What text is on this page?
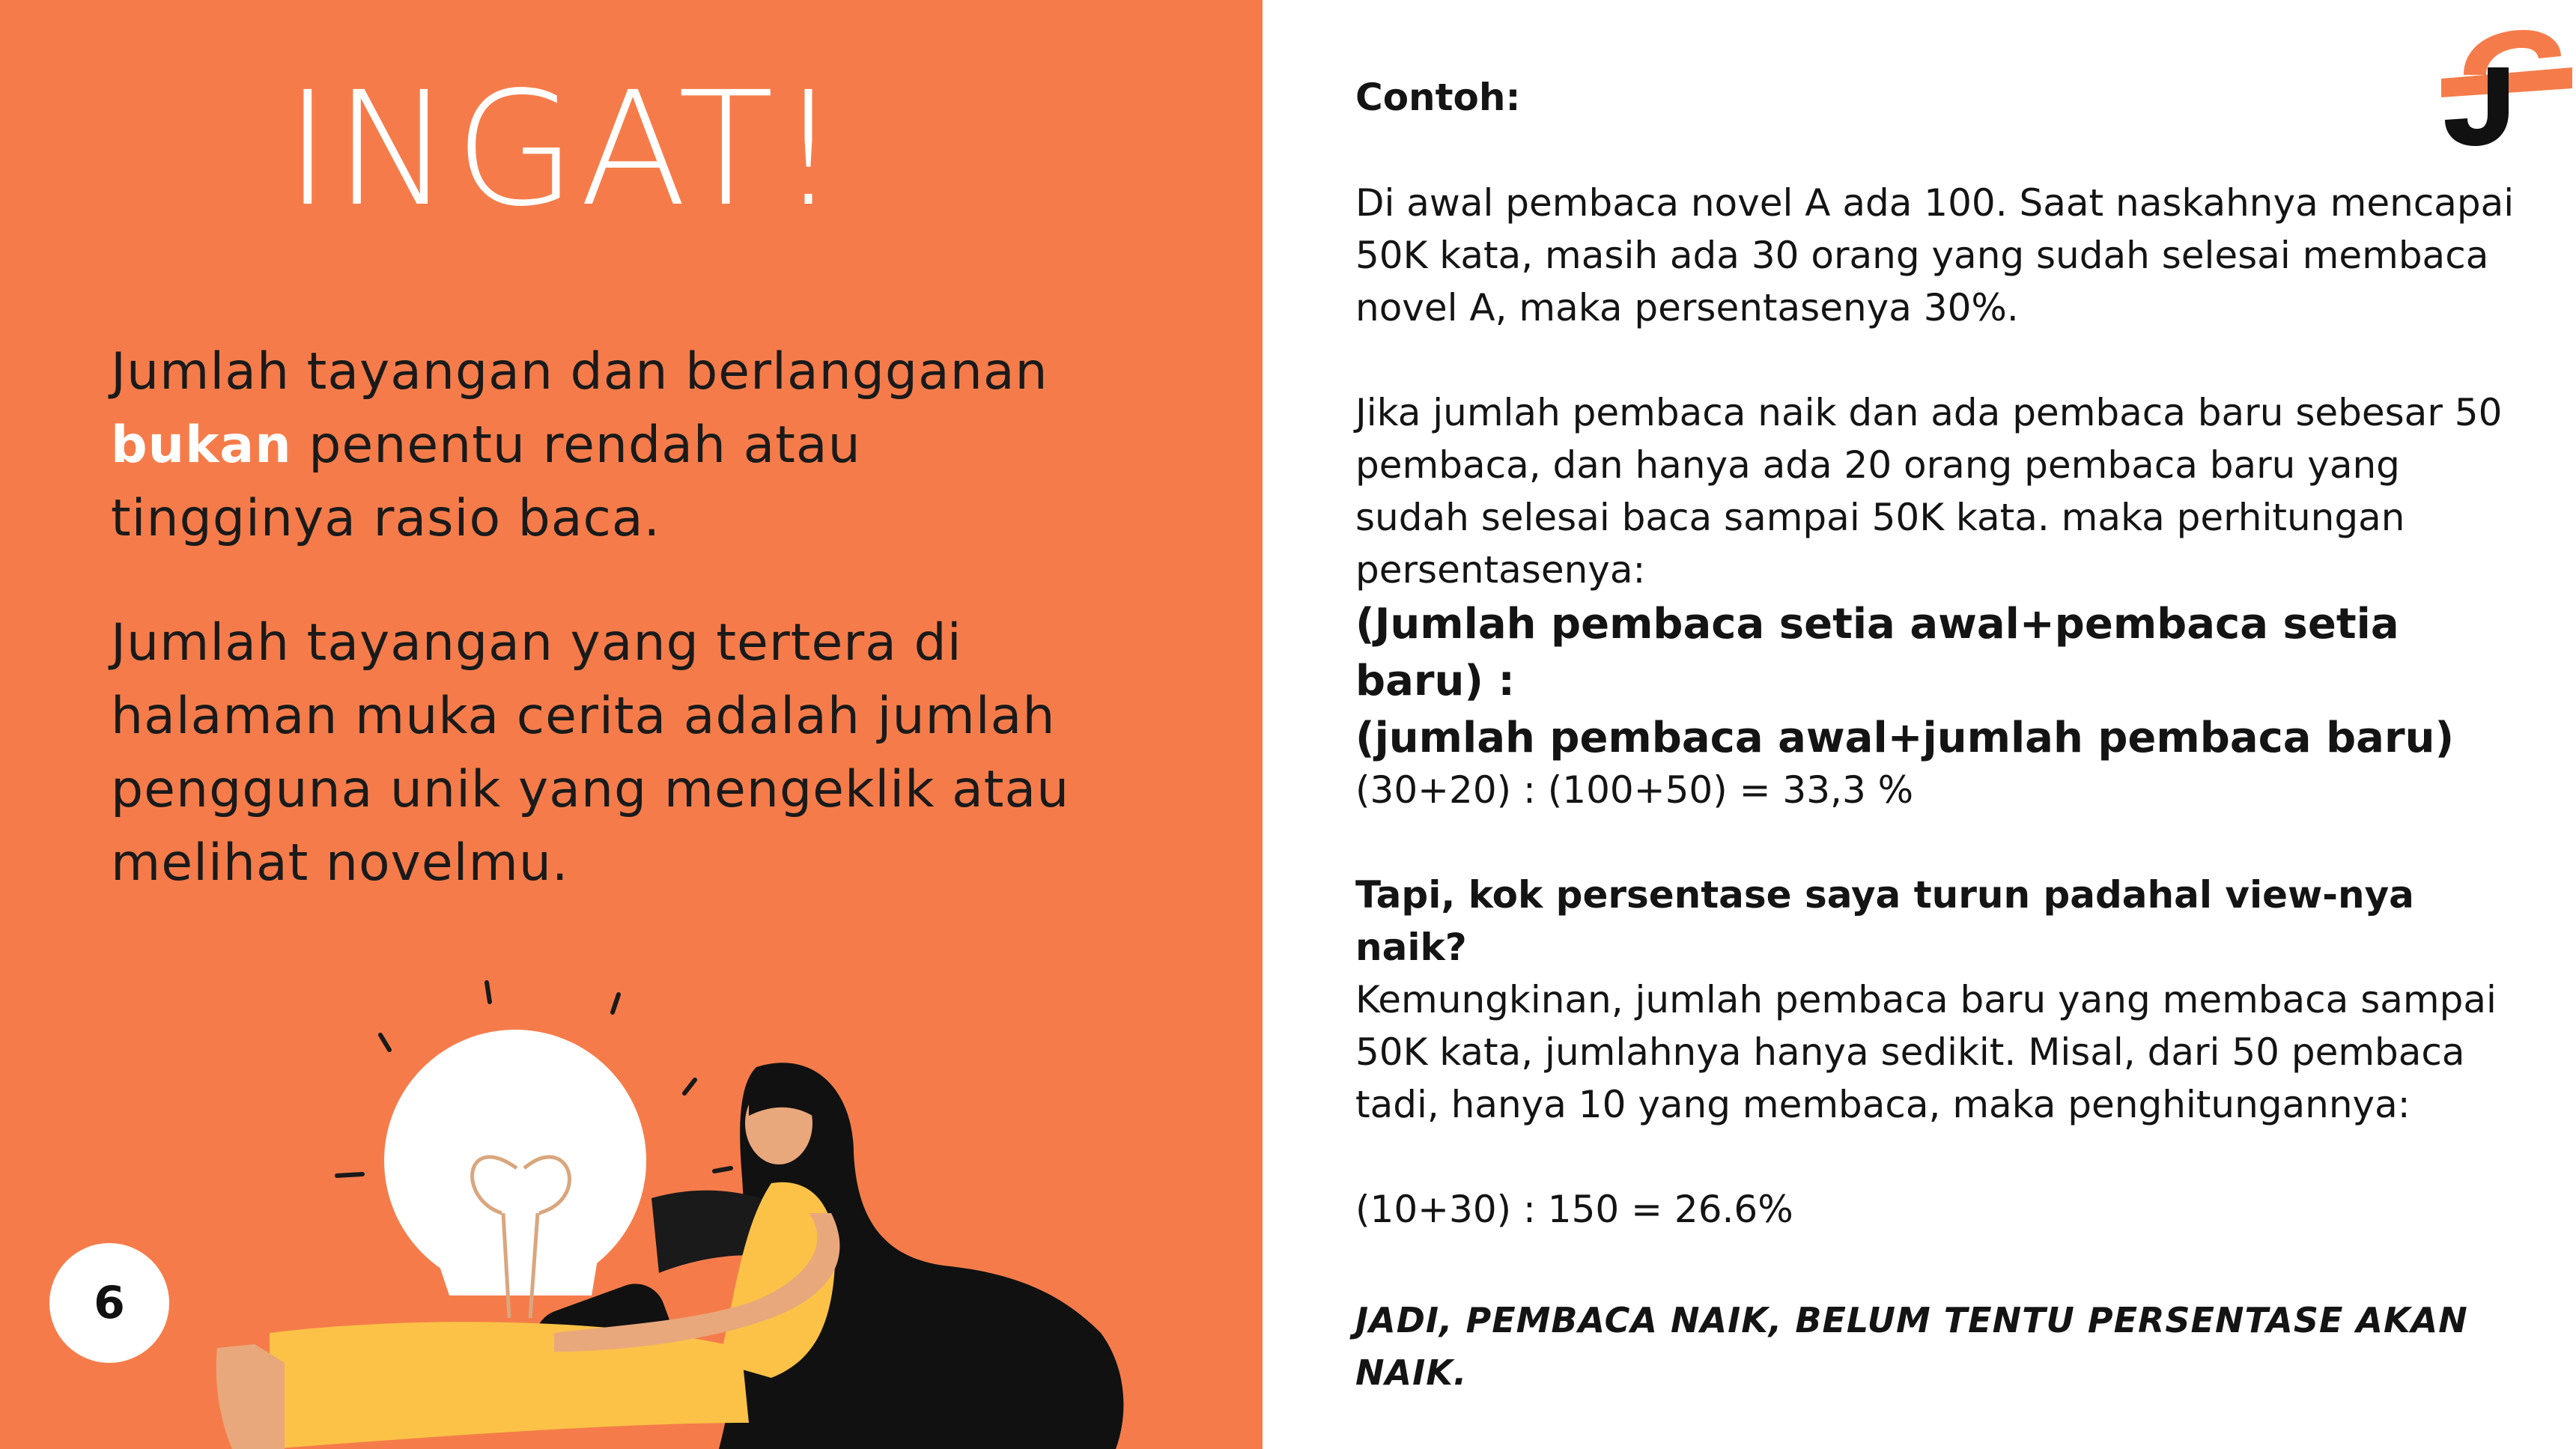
INGAT!

Jumlah tayangan dan berlangganan
bukan penentu rendah atau
tingginya rasio baca.

Jumlah tayangan yang tertera di halaman muka cerita adalah jumlah pengguna unik yang mengeklik atau melihat novelmu.

6

Contoh:

Di awal pembaca novel A ada 100. Saat naskahnya mencapai 50K kata, masih ada 30 orang yang sudah selesai membaca novel A, maka persentasenya 30%.

Jika jumlah pembaca naik dan ada pembaca baru sebesar 50 pembaca, dan hanya ada 20 orang pembaca baru yang sudah selesai baca sampai 50K kata. maka perhitungan persentasenya:

(Jumlah pembaca setia awal+pembaca setia baru) :
(jumlah pembaca awal+jumlah pembaca baru)

(30+20) : (100+50) = 33,3 %

Tapi, kok persentase saya turun padahal view-nya naik?

Kemungkinan, jumlah pembaca baru yang membaca sampai 50K kata, jumlahnya hanya sedikit. Misal, dari 50 pembaca tadi, hanya 10 yang membaca, maka penghitungannya:

(10+30) : 150 = 26.6%

JADI, PEMBACA NAIK, BELUM TENTU PERSENTASE AKAN NAIK.
